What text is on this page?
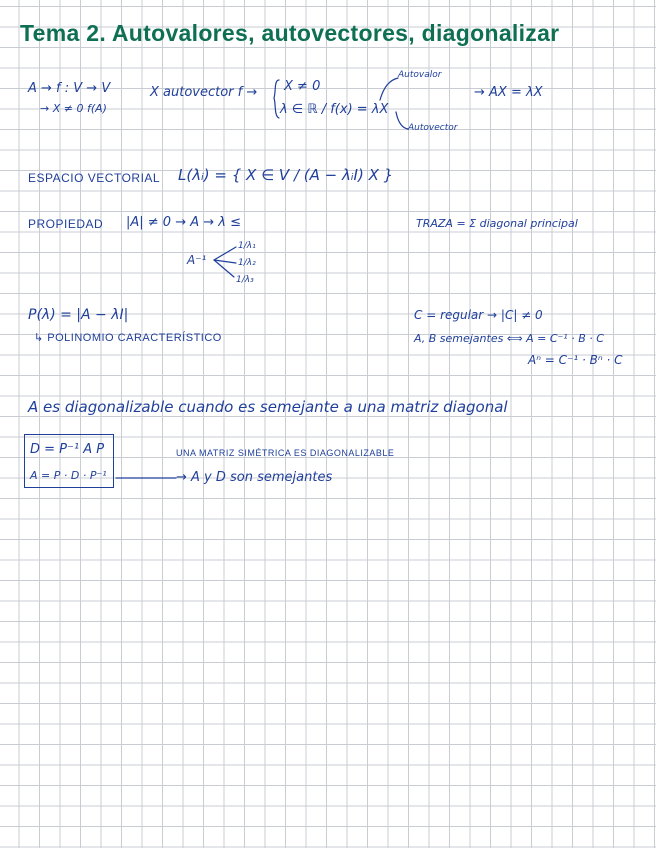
Tema 2. Autovalores, autovectores, diagonalizar
A → f : V → V
→ X ≠ 0 f(A)
X autovector f → X ≠ 0
λ ∈ ℝ / f(x) = λX
Autovalor
Autovector
→ AX = λX
ESPACIO VECTORIAL L(λᵢ) = { X ∈ V / (A − λᵢI) X }
PROPIEDAD |A| ≠ 0 → A → λ ≤
A⁻¹
1/λ₁
1/λ₂
1/λ₃
TRAZA = Σ diagonal principal
P(λ) = |A − λI|
↳ POLINOMIO CARACTERÍSTICO
C = regular → |C| ≠ 0
A, B semejantes ⟺ A = C⁻¹ · B · C
Aⁿ = C⁻¹ · Bⁿ · C
A es diagonalizable cuando es semejante a una matriz diagonal
D = P⁻¹ A P
A = P · D · P⁻¹
UNA MATRIZ SIMÉTRICA ES DIAGONALIZABLE
→ A y D son semejantes
